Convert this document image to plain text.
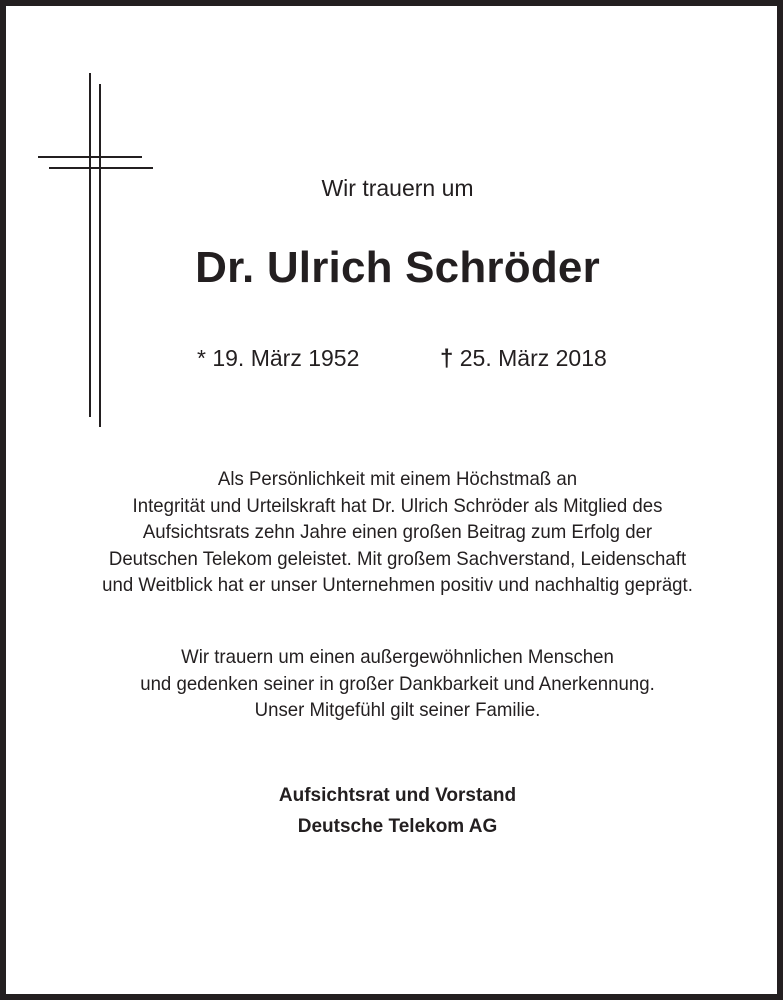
Wir trauern um
Dr. Ulrich Schröder
* 19. März 1952	† 25. März 2018
Als Persönlichkeit mit einem Höchstmaß an
Integrität und Urteilskraft hat Dr. Ulrich Schröder als Mitglied des
Aufsichtsrats zehn Jahre einen großen Beitrag zum Erfolg der
Deutschen Telekom geleistet. Mit großem Sachverstand, Leidenschaft
und Weitblick hat er unser Unternehmen positiv und nachhaltig geprägt.
Wir trauern um einen außergewöhnlichen Menschen
und gedenken seiner in großer Dankbarkeit und Anerkennung.
Unser Mitgefühl gilt seiner Familie.
Aufsichtsrat und Vorstand
Deutsche Telekom AG
